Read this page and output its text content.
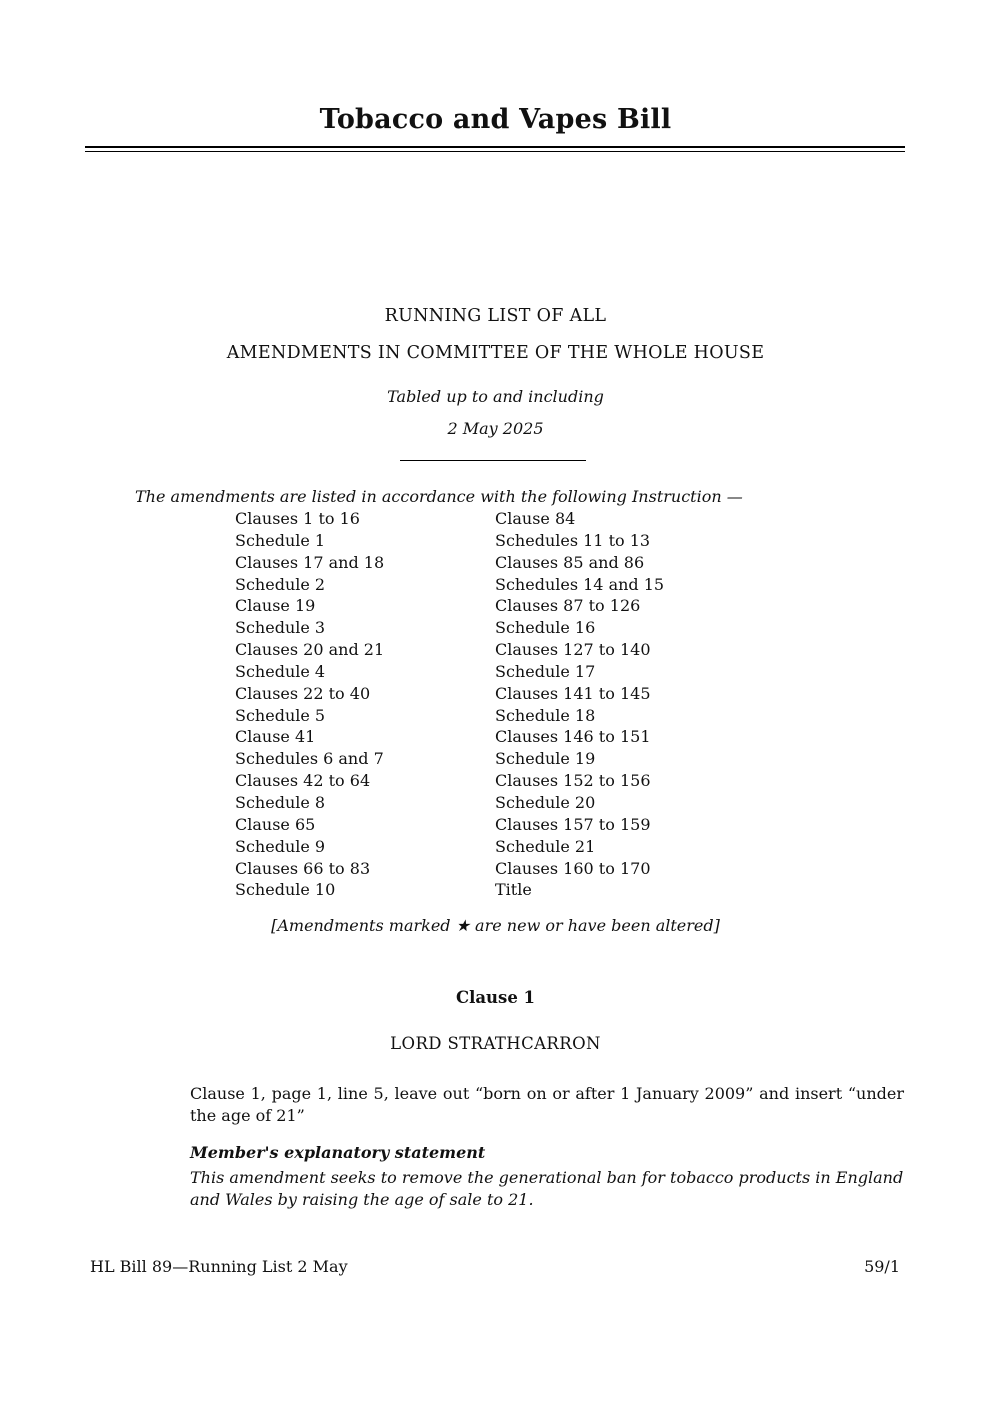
Tobacco and Vapes Bill
RUNNING LIST OF ALL
AMENDMENTS IN COMMITTEE OF THE WHOLE HOUSE
Tabled up to and including
2 May 2025
The amendments are listed in accordance with the following Instruction —
Clauses 1 to 16
Schedule 1
Clauses 17 and 18
Schedule 2
Clause 19
Schedule 3
Clauses 20 and 21
Schedule 4
Clauses 22 to 40
Schedule 5
Clause 41
Schedules 6 and 7
Clauses 42 to 64
Schedule 8
Clause 65
Schedule 9
Clauses 66 to 83
Schedule 10
Clause 84
Schedules 11 to 13
Clauses 85 and 86
Schedules 14 and 15
Clauses 87 to 126
Schedule 16
Clauses 127 to 140
Schedule 17
Clauses 141 to 145
Schedule 18
Clauses 146 to 151
Schedule 19
Clauses 152 to 156
Schedule 20
Clauses 157 to 159
Schedule 21
Clauses 160 to 170
Title
[Amendments marked ★ are new or have been altered]
Clause 1
LORD STRATHCARRON
Clause 1, page 1, line 5, leave out “born on or after 1 January 2009” and insert “under the age of 21”
Member's explanatory statement
This amendment seeks to remove the generational ban for tobacco products in England and Wales by raising the age of sale to 21.
HL Bill 89—Running List 2 May	59/1
